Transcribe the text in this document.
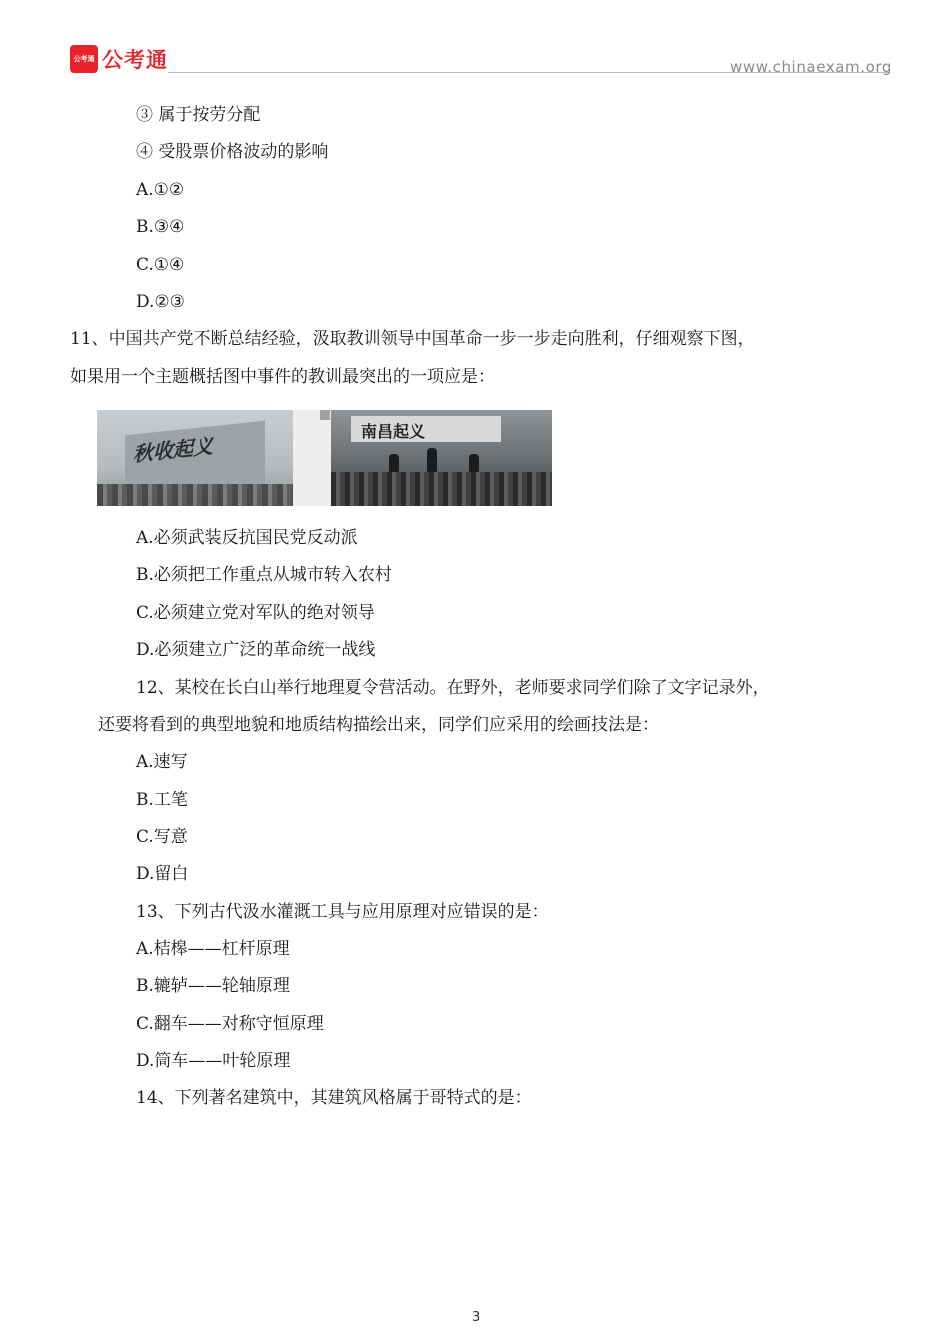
公考通 公考通	www.chinaexam.org
③ 属于按劳分配
④ 受股票价格波动的影响
A.①②
B.③④
C.①④
D.②③
11、中国共产党不断总结经验，汲取教训领导中国革命一步一步走向胜利，仔细观察下图，
如果用一个主题概括图中事件的教训最突出的一项应是：
秋收起义
南昌起义
A.必须武装反抗国民党反动派
B.必须把工作重点从城市转入农村
C.必须建立党对军队的绝对领导
D.必须建立广泛的革命统一战线
12、某校在长白山举行地理夏令营活动。在野外，老师要求同学们除了文字记录外，
还要将看到的典型地貌和地质结构描绘出来，同学们应采用的绘画技法是：
A.速写
B.工笔
C.写意
D.留白
13、下列古代汲水灌溉工具与应用原理对应错误的是：
A.桔槔——杠杆原理
B.辘轳——轮轴原理
C.翻车——对称守恒原理
D.筒车——叶轮原理
14、下列著名建筑中，其建筑风格属于哥特式的是：
3
